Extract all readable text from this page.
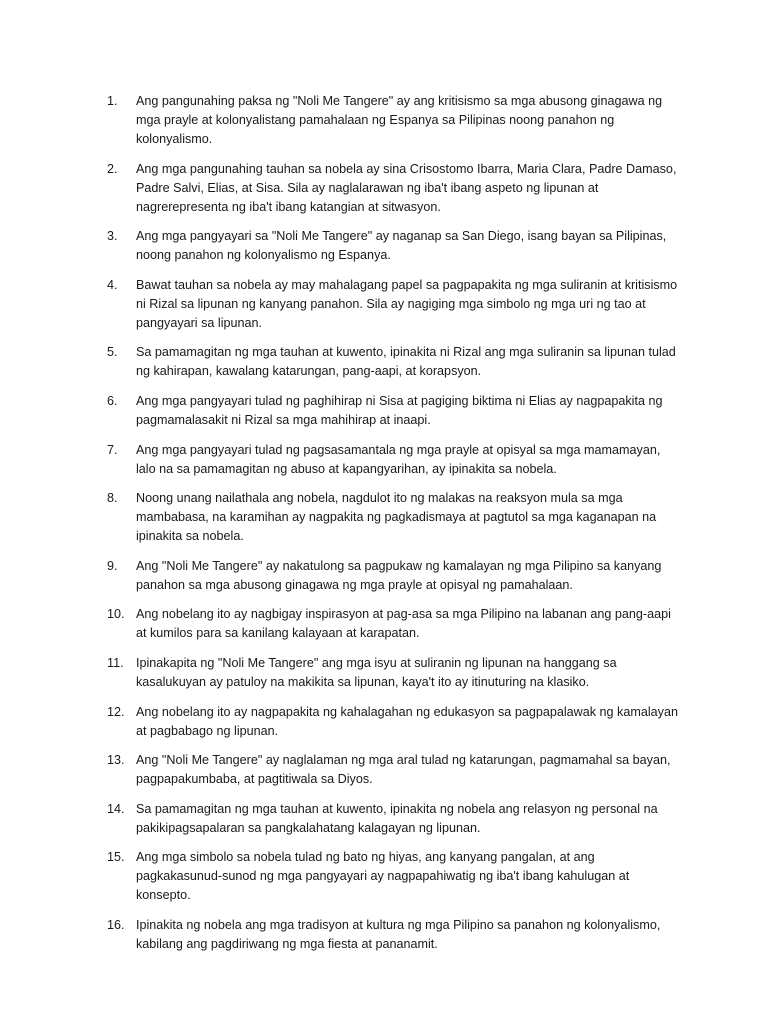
1.	Ang pangunahing paksa ng "Noli Me Tangere" ay ang kritisismo sa mga abusong ginagawa ng mga prayle at kolonyalistang pamahalaan ng Espanya sa Pilipinas noong panahon ng kolonyalismo.
2.	Ang mga pangunahing tauhan sa nobela ay sina Crisostomo Ibarra, Maria Clara, Padre Damaso, Padre Salvi, Elias, at Sisa. Sila ay naglalarawan ng iba't ibang aspeto ng lipunan at nagrerepresenta ng iba't ibang katangian at sitwasyon.
3.	Ang mga pangyayari sa "Noli Me Tangere" ay naganap sa San Diego, isang bayan sa Pilipinas, noong panahon ng kolonyalismo ng Espanya.
4.	Bawat tauhan sa nobela ay may mahalagang papel sa pagpapakita ng mga suliranin at kritisismo ni Rizal sa lipunan ng kanyang panahon. Sila ay nagiging mga simbolo ng mga uri ng tao at pangyayari sa lipunan.
5.	Sa pamamagitan ng mga tauhan at kuwento, ipinakita ni Rizal ang mga suliranin sa lipunan tulad ng kahirapan, kawalang katarungan, pang-aapi, at korapsyon.
6.	Ang mga pangyayari tulad ng paghihirap ni Sisa at pagiging biktima ni Elias ay nagpapakita ng pagmamalasakit ni Rizal sa mga mahihirap at inaapi.
7.	Ang mga pangyayari tulad ng pagsasamantala ng mga prayle at opisyal sa mga mamamayan, lalo na sa pamamagitan ng abuso at kapangyarihan, ay ipinakita sa nobela.
8.	Noong unang nailathala ang nobela, nagdulot ito ng malakas na reaksyon mula sa mga mambabasa, na karamihan ay nagpakita ng pagkadismaya at pagtutol sa mga kaganapan na ipinakita sa nobela.
9.	Ang "Noli Me Tangere" ay nakatulong sa pagpukaw ng kamalayan ng mga Pilipino sa kanyang panahon sa mga abusong ginagawa ng mga prayle at opisyal ng pamahalaan.
10. Ang nobelang ito ay nagbigay inspirasyon at pag-asa sa mga Pilipino na labanan ang pang-aapi at kumilos para sa kanilang kalayaan at karapatan.
11. Ipinakapita ng "Noli Me Tangere" ang mga isyu at suliranin ng lipunan na hanggang sa kasalukuyan ay patuloy na makikita sa lipunan, kaya't ito ay itinuturing na klasiko.
12. Ang nobelang ito ay nagpapakita ng kahalagahan ng edukasyon sa pagpapalawak ng kamalayan at pagbabago ng lipunan.
13. Ang "Noli Me Tangere" ay naglalaman ng mga aral tulad ng katarungan, pagmamahal sa bayan, pagpapakumbaba, at pagtitiwala sa Diyos.
14. Sa pamamagitan ng mga tauhan at kuwento, ipinakita ng nobela ang relasyon ng personal na pakikipagsapalaran sa pangkalahatang kalagayan ng lipunan.
15. Ang mga simbolo sa nobela tulad ng bato ng hiyas, ang kanyang pangalan, at ang pagkakasunud-sunod ng mga pangyayari ay nagpapahiwatig ng iba't ibang kahulugan at konsepto.
16. Ipinakita ng nobela ang mga tradisyon at kultura ng mga Pilipino sa panahon ng kolonyalismo, kabilang ang pagdiriwang ng mga fiesta at pananamit.
